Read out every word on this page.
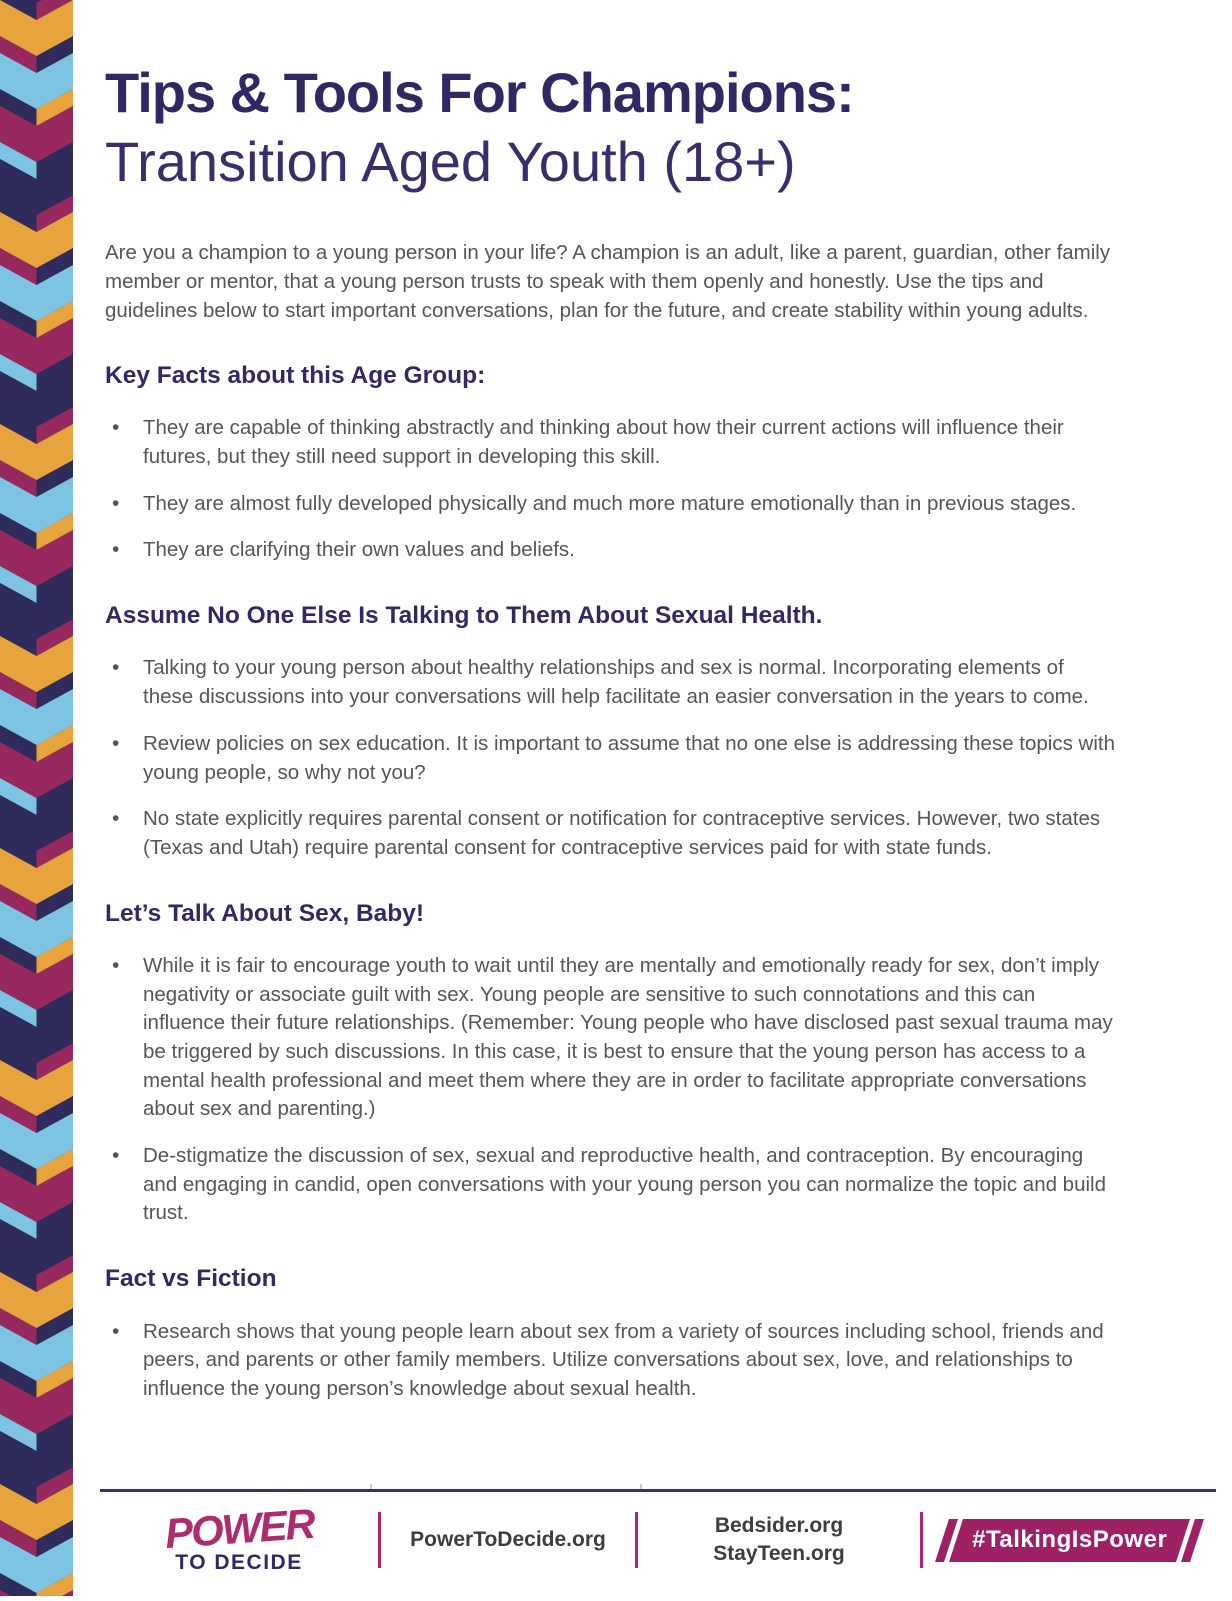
Tips & Tools For Champions:
Transition Aged Youth (18+)

Are you a champion to a young person in your life? A champion is an adult, like a parent, guardian, other family member or mentor, that a young person trusts to speak with them openly and honestly. Use the tips and guidelines below to start important conversations, plan for the future, and create stability within young adults.

Key Facts about this Age Group:
• They are capable of thinking abstractly and thinking about how their current actions will influence their futures, but they still need support in developing this skill.
• They are almost fully developed physically and much more mature emotionally than in previous stages.
• They are clarifying their own values and beliefs.
Assume No One Else Is Talking to Them About Sexual Health.
• Talking to your young person about healthy relationships and sex is normal. Incorporating elements of these discussions into your conversations will help facilitate an easier conversation in the years to come.
• Review policies on sex education. It is important to assume that no one else is addressing these topics with young people, so why not you?
• No state explicitly requires parental consent or notification for contraceptive services. However, two states (Texas and Utah) require parental consent for contraceptive services paid for with state funds.
Let’s Talk About Sex, Baby!
• While it is fair to encourage youth to wait until they are mentally and emotionally ready for sex, don’t imply negativity or associate guilt with sex. Young people are sensitive to such connotations and this can influence their future relationships. (Remember: Young people who have disclosed past sexual trauma may be triggered by such discussions. In this case, it is best to ensure that the young person has access to a mental health professional and meet them where they are in order to facilitate appropriate conversations about sex and parenting.)
• De-stigmatize the discussion of sex, sexual and reproductive health, and contraception. By encouraging and engaging in candid, open conversations with your young person you can normalize the topic and build trust.
Fact vs Fiction
• Research shows that young people learn about sex from a variety of sources including school, friends and peers, and parents or other family members. Utilize conversations about sex, love, and relationships to influence the young person’s knowledge about sexual health.
POWER
TO DECIDE
PowerToDecide.org
Bedsider.org
StayTeen.org
#TalkingIsPower
